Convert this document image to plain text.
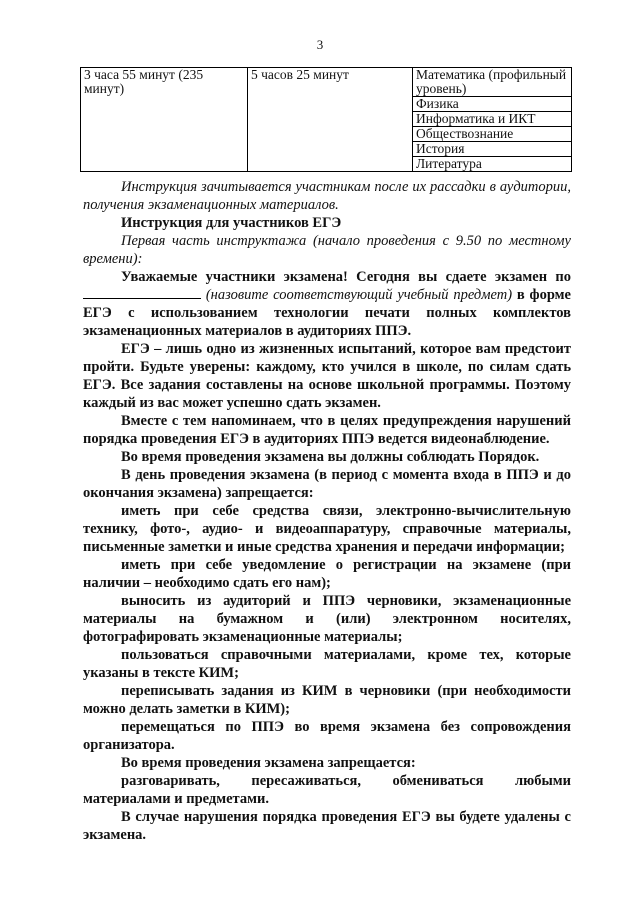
3
3 часа 55 минут (235 минут)	5 часов 25 минут	Математика (профильный уровень)
Физика
Информатика и ИКТ
Обществознание
История
Литература

Инструкция зачитывается участникам после их рассадки в аудитории, получения экзаменационных материалов.

Инструкция для участников ЕГЭ

Первая часть инструктажа (начало проведения с 9.50 по местному времени):

Уважаемые участники экзамена! Сегодня вы сдаете экзамен по  (назовите соответствующий учебный предмет) в форме ЕГЭ с использованием технологии печати полных комплектов экзаменационных материалов в аудиториях ППЭ.

ЕГЭ – лишь одно из жизненных испытаний, которое вам предстоит пройти. Будьте уверены: каждому, кто учился в школе, по силам сдать ЕГЭ. Все задания составлены на основе школьной программы. Поэтому каждый из вас может успешно сдать экзамен.

Вместе с тем напоминаем, что в целях предупреждения нарушений порядка проведения ЕГЭ в аудиториях ППЭ ведется видеонаблюдение.

Во время проведения экзамена вы должны соблюдать Порядок.

В день проведения экзамена (в период с момента входа в ППЭ и до окончания экзамена) запрещается:

иметь при себе средства связи, электронно-вычислительную технику, фото-, аудио- и видеоаппаратуру, справочные материалы, письменные заметки и иные средства хранения и передачи информации;

иметь при себе уведомление о регистрации на экзамене (при наличии – необходимо сдать его нам);

выносить из аудиторий и ППЭ черновики, экзаменационные материалы на бумажном и (или) электронном носителях, фотографировать экзаменационные материалы;

пользоваться справочными материалами, кроме тех, которые указаны в тексте КИМ;

переписывать задания из КИМ в черновики (при необходимости можно делать заметки в КИМ);

перемещаться по ППЭ во время экзамена без сопровождения организатора.

Во время проведения экзамена запрещается:

разговаривать, пересаживаться, обмениваться любыми материалами и предметами.

В случае нарушения порядка проведения ЕГЭ вы будете удалены с экзамена.
